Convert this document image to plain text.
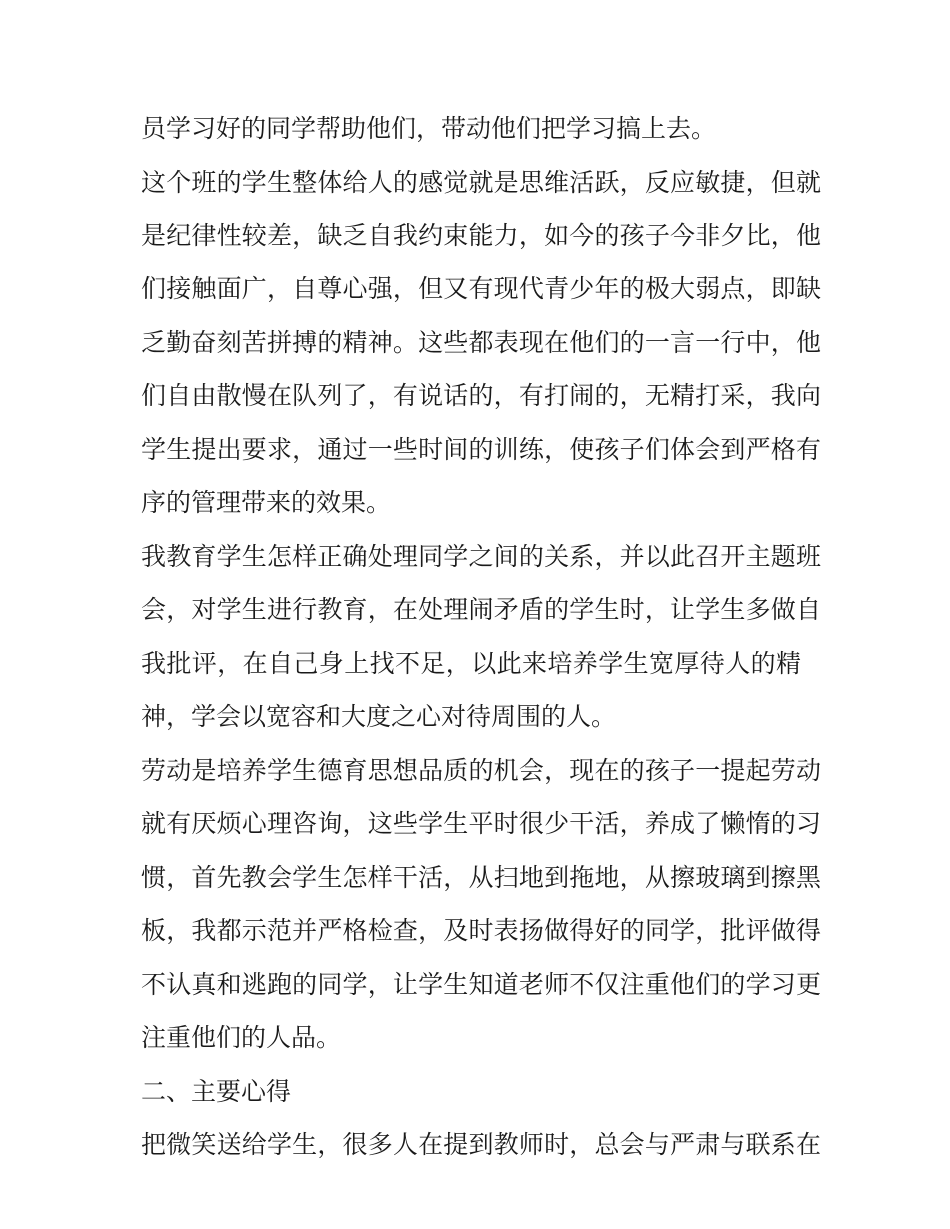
员学习好的同学帮助他们，带动他们把学习搞上去。
这个班的学生整体给人的感觉就是思维活跃，反应敏捷，但就
是纪律性较差，缺乏自我约束能力，如今的孩子今非夕比，他
们接触面广，自尊心强，但又有现代青少年的极大弱点，即缺
乏勤奋刻苦拼搏的精神。这些都表现在他们的一言一行中，他
们自由散慢在队列了，有说话的，有打闹的，无精打采，我向
学生提出要求，通过一些时间的训练，使孩子们体会到严格有
序的管理带来的效果。
我教育学生怎样正确处理同学之间的关系，并以此召开主题班
会，对学生进行教育，在处理闹矛盾的学生时，让学生多做自
我批评，在自己身上找不足，以此来培养学生宽厚待人的精
神，学会以宽容和大度之心对待周围的人。
劳动是培养学生德育思想品质的机会，现在的孩子一提起劳动
就有厌烦心理咨询，这些学生平时很少干活，养成了懒惰的习
惯，首先教会学生怎样干活，从扫地到拖地，从擦玻璃到擦黑
板，我都示范并严格检查，及时表扬做得好的同学，批评做得
不认真和逃跑的同学，让学生知道老师不仅注重他们的学习更
注重他们的人品。
二、主要心得
把微笑送给学生，很多人在提到教师时，总会与严肃与联系在
